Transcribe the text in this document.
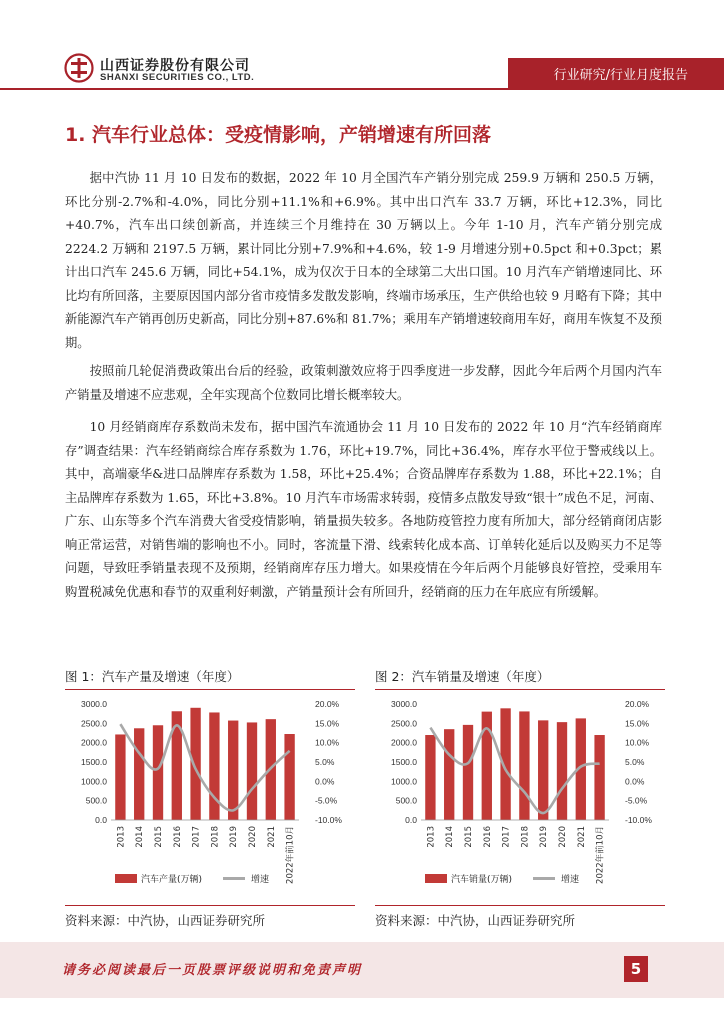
山西证券股份有限公司
SHANXI SECURITIES CO., LTD.	行业研究/行业月度报告
1. 汽车行业总体：受疫情影响，产销增速有所回落

据中汽协 11 月 10 日发布的数据，2022 年 10 月全国汽车产销分别完成 259.9 万辆和 250.5 万辆，环比分别-2.7%和-4.0%，同比分别+11.1%和+6.9%。其中出口汽车 33.7 万辆，环比+12.3%，同比+40.7%，汽车出口续创新高，并连续三个月维持在 30 万辆以上。今年 1-10 月，汽车产销分别完成 2224.2 万辆和 2197.5 万辆，累计同比分别+7.9%和+4.6%，较 1-9 月增速分别+0.5pct 和+0.3pct；累计出口汽车 245.6 万辆，同比+54.1%，成为仅次于日本的全球第二大出口国。10 月汽车产销增速同比、环比均有所回落，主要原因国内部分省市疫情多发散发影响，终端市场承压，生产供给也较 9 月略有下降；其中新能源汽车产销再创历史新高，同比分别+87.6%和 81.7%；乘用车产销增速较商用车好，商用车恢复不及预期。

按照前几轮促消费政策出台后的经验，政策刺激效应将于四季度进一步发酵，因此今年后两个月国内汽车产销量及增速不应悲观，全年实现高个位数同比增长概率较大。

10 月经销商库存系数尚未发布，据中国汽车流通协会 11 月 10 日发布的 2022 年 10 月“汽车经销商库存”调查结果：汽车经销商综合库存系数为 1.76，环比+19.7%，同比+36.4%，库存水平位于警戒线以上。其中，高端豪华&进口品牌库存系数为 1.58，环比+25.4%；合资品牌库存系数为 1.88，环比+22.1%；自主品牌库存系数为 1.65，环比+3.8%。10 月汽车市场需求转弱，疫情多点散发导致“银十”成色不足，河南、广东、山东等多个汽车消费大省受疫情影响，销量损失较多。各地防疫管控力度有所加大，部分经销商闭店影响正常运营，对销售端的影响也不小。同时，客流量下滑、线索转化成本高、订单转化延后以及购买力不足等问题，导致旺季销量表现不及预期，经销商库存压力增大。如果疫情在今年后两个月能够良好管控，受乘用车购置税减免优惠和春节的双重利好刺激，产销量预计会有所回升，经销商的压力在年底应有所缓解。

图 1：汽车产量及增速（年度）
0.0
500.0
1000.0
1500.0
2000.0
2500.0
3000.0
-10.0%
-5.0%
0.0%
5.0%
10.0%
15.0%
20.0%
2013 2014 2015 2016 2017 2018 2019 2020 2021 2022年前10月
汽车产量(万辆)	增速
资料来源：中汽协，山西证券研究所
图 2：汽车销量及增速（年度）
0.0
500.0
1000.0
1500.0
2000.0
2500.0
3000.0
-10.0%
-5.0%
0.0%
5.0%
10.0%
15.0%
20.0%
2013 2014 2015 2016 2017 2018 2019 2020 2021 2022年前10月
汽车销量(万辆)	增速
资料来源：中汽协，山西证券研究所
请务必阅读最后一页股票评级说明和免责声明	5
